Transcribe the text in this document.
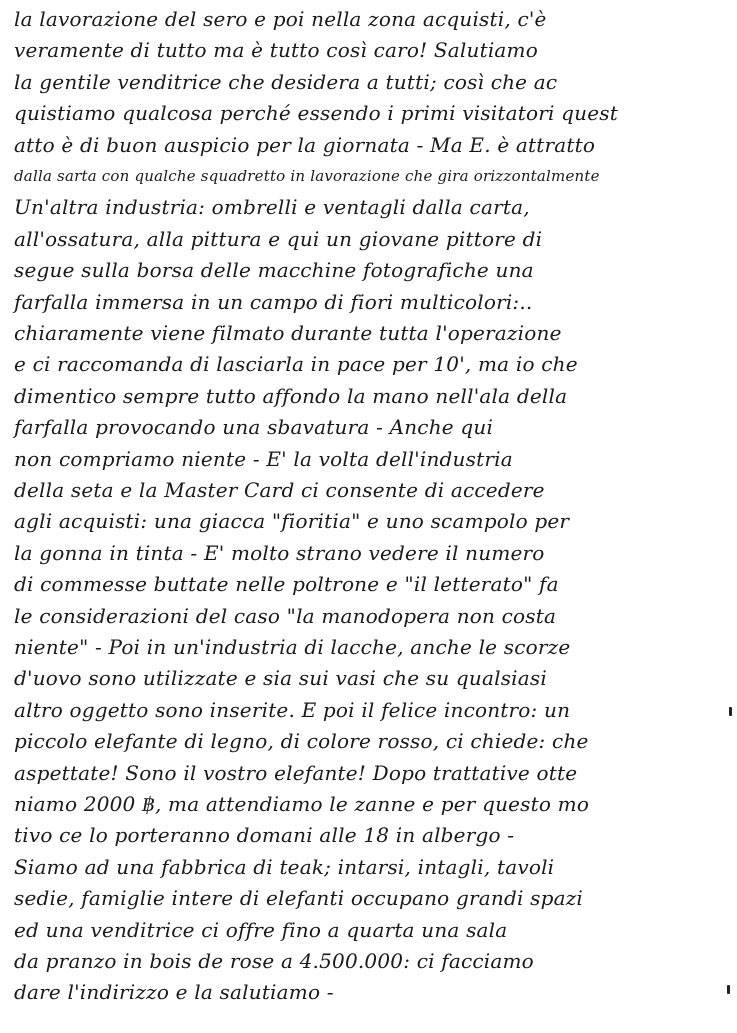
la lavorazione del sero e poi nella zona acquisti, c'è
veramente di tutto ma è tutto così caro! Salutiamo
la gentile venditrice che desidera a tutti; così che ac
quistiamo qualcosa perché essendo i primi visitatori quest
atto è di buon auspicio per la giornata - Ma E. è attratto
dalla sarta con qualche squadretto in lavorazione che gira orizzontalmente
Un'altra industria: ombrelli e ventagli dalla carta,
all'ossatura, alla pittura e qui un giovane pittore di
segue sulla borsa delle macchine fotografiche una
farfalla immersa in un campo di fiori multicolori:..
chiaramente viene filmato durante tutta l'operazione
e ci raccomanda di lasciarla in pace per 10', ma io che
dimentico sempre tutto affondo la mano nell'ala della
farfalla provocando una sbavatura - Anche qui
non compriamo niente - E' la volta dell'industria
della seta e la Master Card ci consente di accedere
agli acquisti: una giacca "fioritia" e uno scampolo per
la gonna in tinta - E' molto strano vedere il numero
di commesse buttate nelle poltrone e "il letterato" fa
le considerazioni del caso "la manodopera non costa
niente" - Poi in un'industria di lacche, anche le scorze
d'uovo sono utilizzate e sia sui vasi che su qualsiasi
altro oggetto sono inserite. E poi il felice incontro: un
piccolo elefante di legno, di colore rosso, ci chiede: che
aspettate! Sono il vostro elefante! Dopo trattative otte
niamo 2000 ฿, ma attendiamo le zanne e per questo mo
tivo ce lo porteranno domani alle 18 in albergo -
Siamo ad una fabbrica di teak; intarsi, intagli, tavoli
sedie, famiglie intere di elefanti occupano grandi spazi
ed una venditrice ci offre fino a quarta una sala
da pranzo in bois de rose a 4.500.000: ci facciamo
dare l'indirizzo e la salutiamo -
